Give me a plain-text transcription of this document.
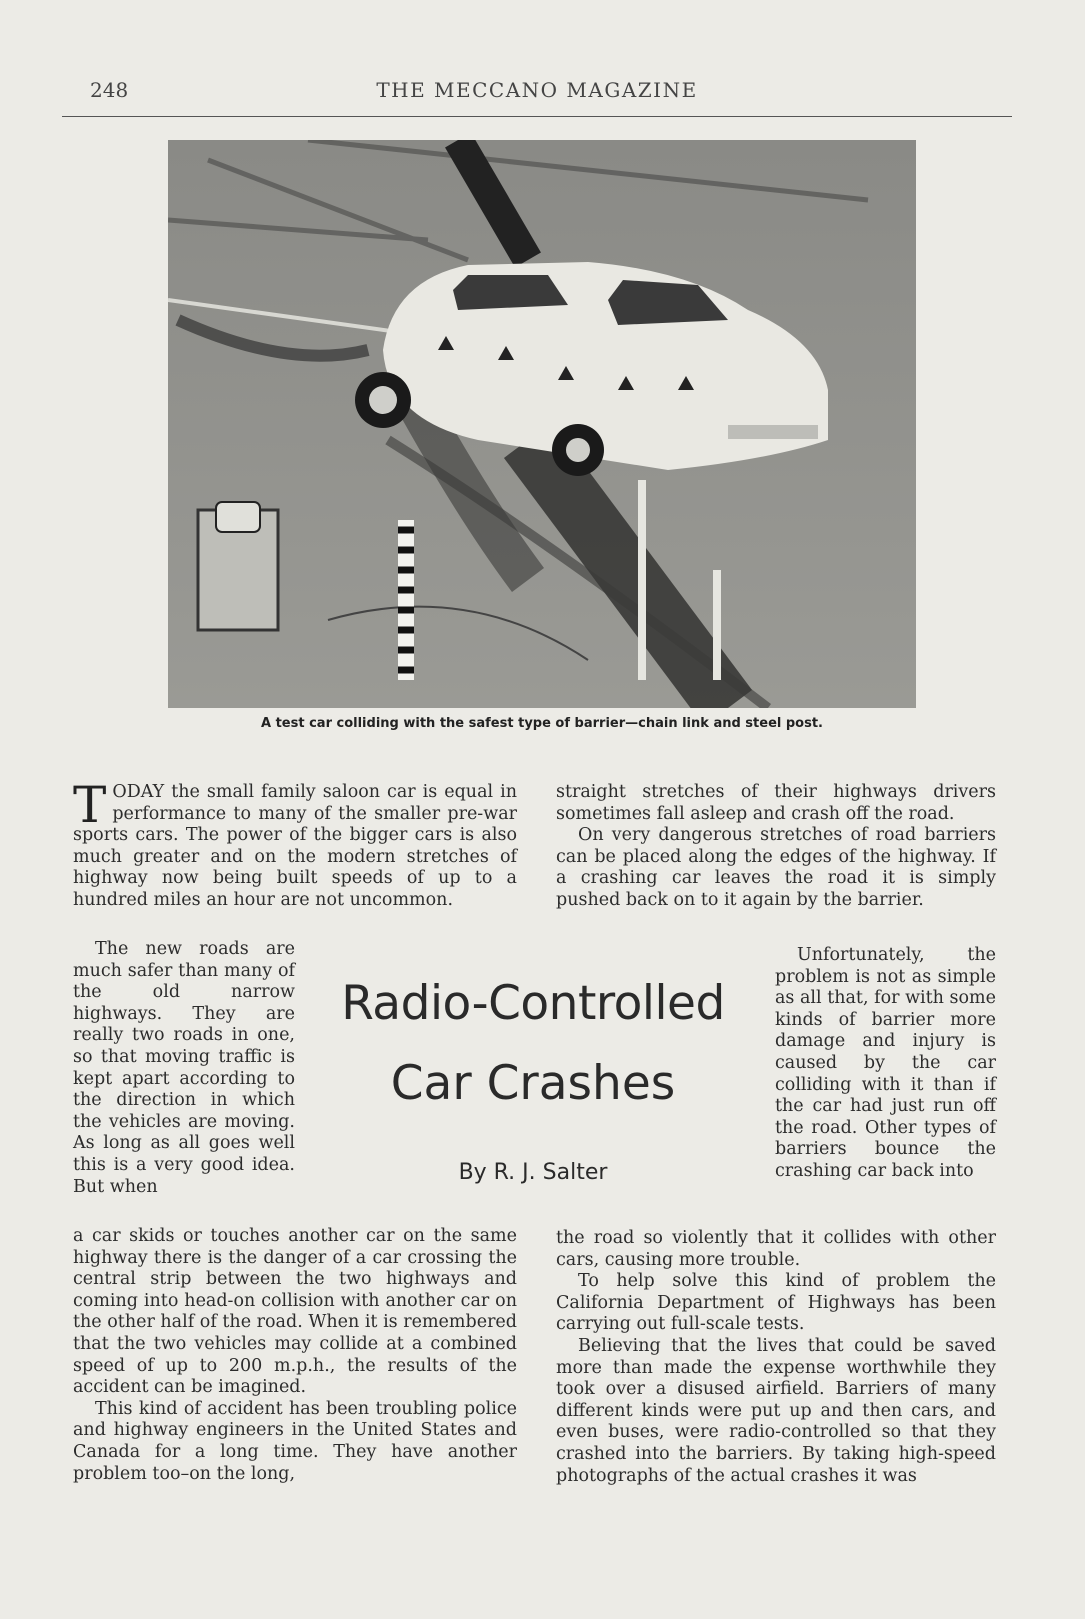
248	THE MECCANO MAGAZINE
A test car colliding with the safest type of barrier—chain link and steel post.

TODAY the small family saloon car is equal in performance to many of the smaller pre-war sports cars. The power of the bigger cars is also much greater and on the modern stretches of highway now being built speeds of up to a hundred miles an hour are not uncommon.

The new roads are much safer than many of the old narrow highways. They are really two roads in one, so that moving traffic is kept apart according to the direction in which the vehicles are moving. As long as all goes well this is a very good idea. But when

a car skids or touches another car on the same highway there is the danger of a car crossing the central strip between the two highways and coming into head-on collision with another car on the other half of the road. When it is remembered that the two vehicles may collide at a combined speed of up to 200 m.p.h., the results of the accident can be imagined.

This kind of accident has been troubling police and highway engineers in the United States and Canada for a long time. They have another problem too–on the long,

straight stretches of their highways drivers sometimes fall asleep and crash off the road.

On very dangerous stretches of road barriers can be placed along the edges of the highway. If a crashing car leaves the road it is simply pushed back on to it again by the barrier.

Unfortunately, the problem is not as simple as all that, for with some kinds of barrier more damage and injury is caused by the car colliding with it than if the car had just run off the road. Other types of barriers bounce the crashing car back into

the road so violently that it collides with other cars, causing more trouble.

To help solve this kind of problem the California Department of Highways has been carrying out full-scale tests.

Believing that the lives that could be saved more than made the expense worthwhile they took over a disused airfield. Barriers of many different kinds were put up and then cars, and even buses, were radio-controlled so that they crashed into the barriers. By taking high-speed photographs of the actual crashes it was

Radio-Controlled
Car Crashes
By R. J. Salter
